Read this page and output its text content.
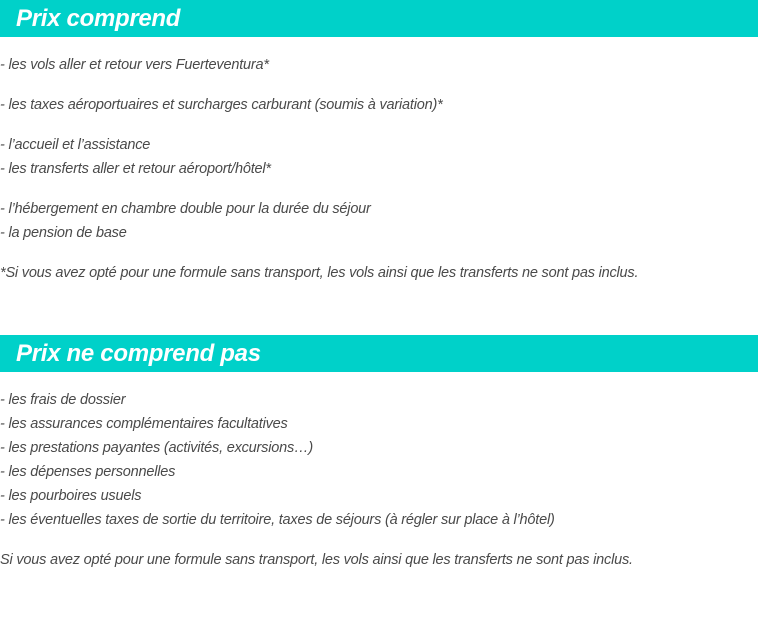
Prix comprend
- les vols aller et retour vers Fuerteventura*
- les taxes aéroportuaires et surcharges carburant (soumis à variation)*
- l’accueil et l’assistance
- les transferts aller et retour aéroport/hôtel*
- l’hébergement en chambre double pour la durée du séjour
- la pension de base
*Si vous avez opté pour une formule sans transport, les vols ainsi que les transferts ne sont pas inclus.
Prix ne comprend pas
- les frais de dossier
- les assurances complémentaires facultatives
- les prestations payantes (activités, excursions…)
- les dépenses personnelles
- les pourboires usuels
- les éventuelles taxes de sortie du territoire, taxes de séjours (à régler sur place à l’hôtel)
Si vous avez opté pour une formule sans transport, les vols ainsi que les transferts ne sont pas inclus.
